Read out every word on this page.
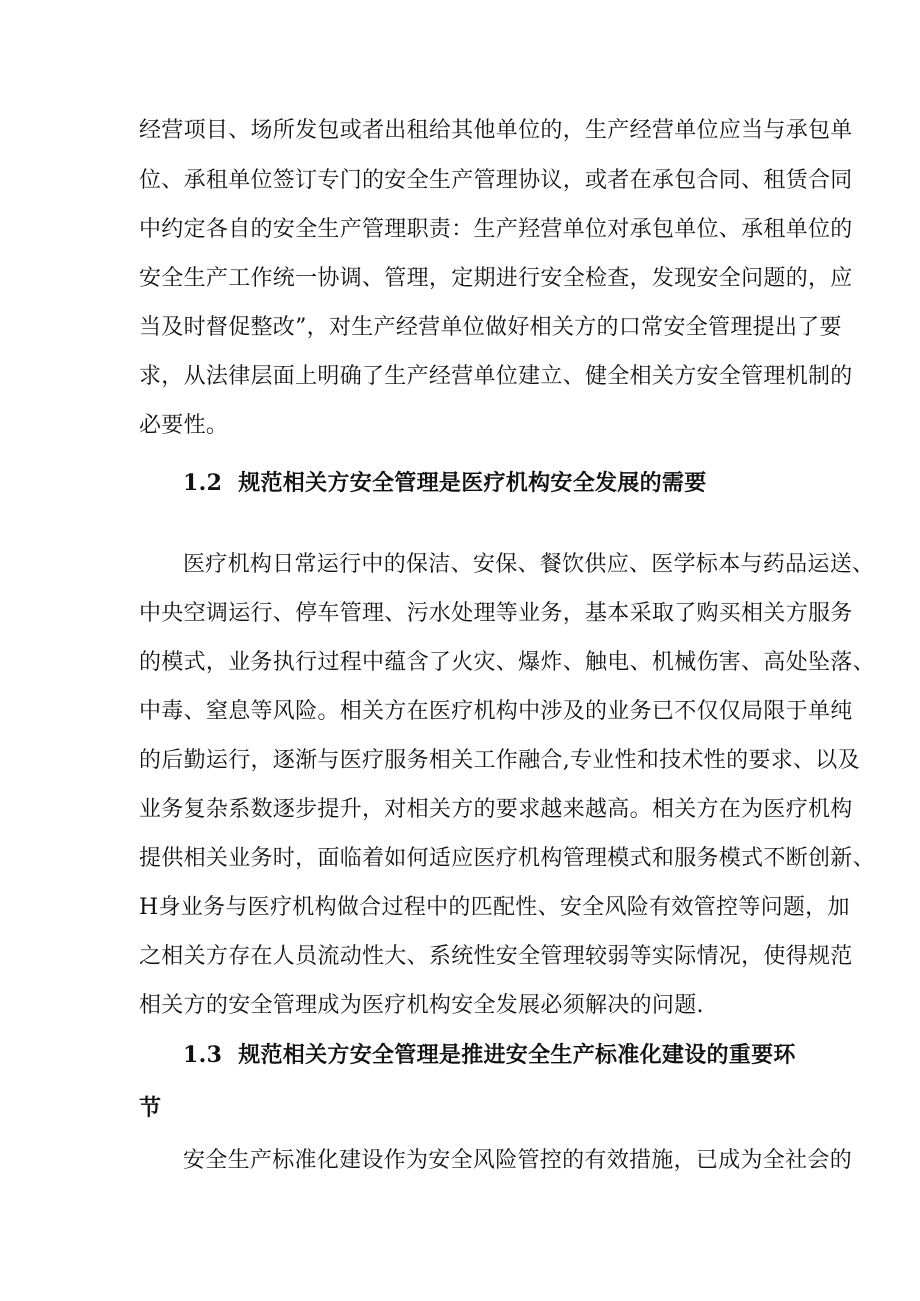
经营项目、场所发包或者出租给其他单位的，生产经营单位应当与承包单
位、承租单位签订专门的安全生产管理协议，或者在承包合同、租赁合同
中约定各自的安全生产管理职责：生产羟营单位对承包单位、承租单位的
安全生产工作统一协调、管理，定期进行安全检查，发现安全问题的，应
当及时督促整改”，对生产经营单位做好相关方的口常安全管理提出了要
求，从法律层面上明确了生产经营单位建立、健全相关方安全管理机制的
必要性。
1.2 规范相关方安全管理是医疗机构安全发展的需要
医疗机构日常运行中的保洁、安保、餐饮供应、医学标本与药品运送、
中央空调运行、停车管理、污水处理等业务，基本采取了购买相关方服务
的模式，业务执行过程中蕴含了火灾、爆炸、触电、机械伤害、高处坠落、
中毒、窒息等风险。相关方在医疗机构中涉及的业务已不仅仅局限于单纯
的后勤运行，逐渐与医疗服务相关工作融合,专业性和技术性的要求、以及
业务复杂系数逐步提升，对相关方的要求越来越高。相关方在为医疗机构
提供相关业务时，面临着如何适应医疗机构管理模式和服务模式不断创新、
H身业务与医疗机构做合过程中的匹配性、安全风险有效管控等问题，加
之相关方存在人员流动性大、系统性安全管理较弱等实际情况，使得规范
相关方的安全管理成为医疗机构安全发展必须解决的问题.
1.3 规范相关方安全管理是推进安全生产标准化建设的重要环
节
安全生产标准化建设作为安全风险管控的有效措施，已成为全社会的
